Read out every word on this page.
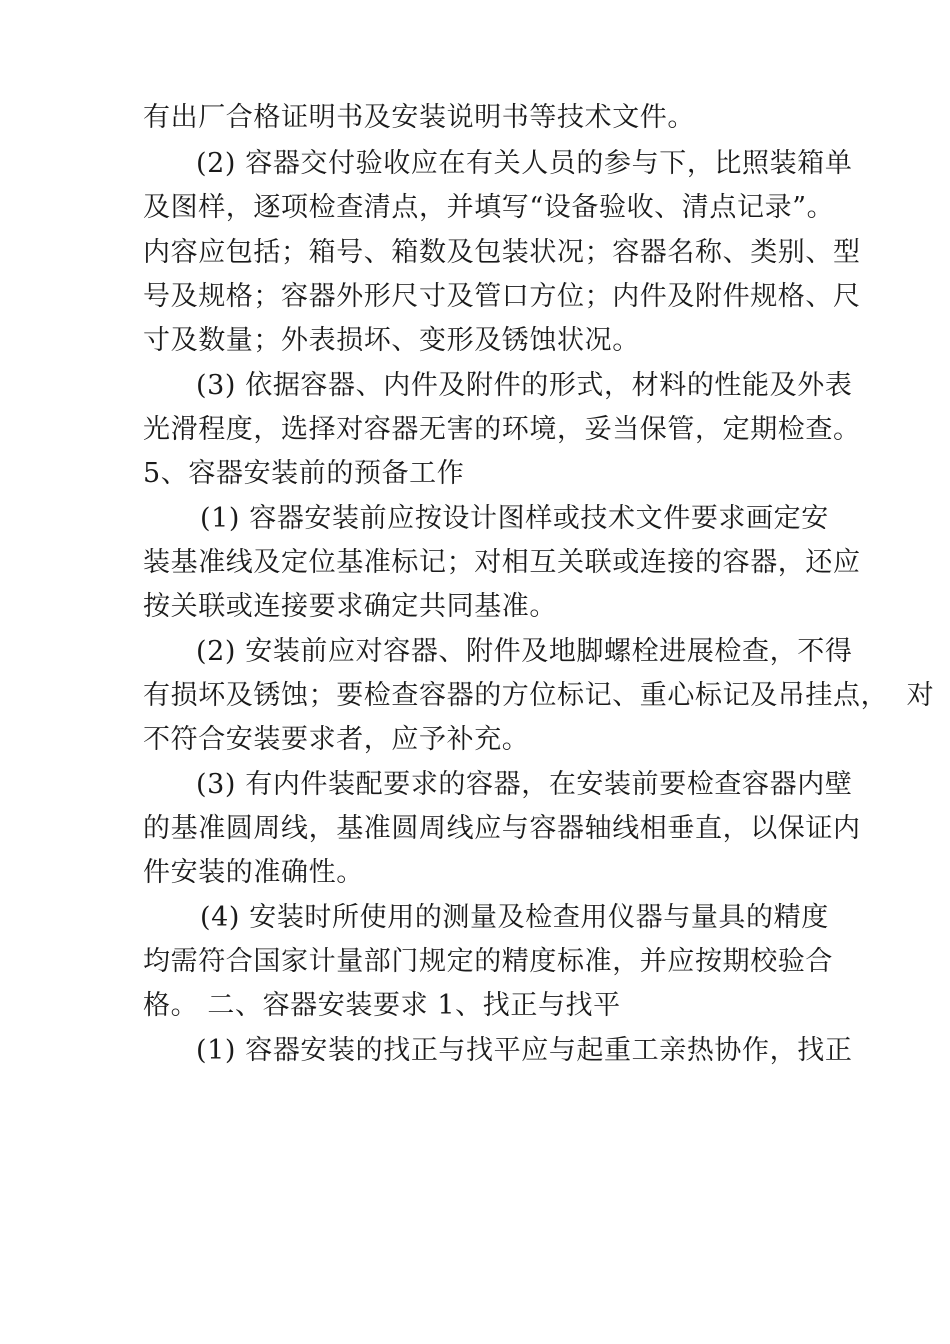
有出厂合格证明书及安装说明书等技术文件。
(2) 容器交付验收应在有关人员的参与下，比照装箱单
及图样，逐项检查清点，并填写“设备验收、清点记录”。
内容应包括；箱号、箱数及包装状况；容器名称、类别、型
号及规格；容器外形尺寸及管口方位；内件及附件规格、尺
寸及数量；外表损坏、变形及锈蚀状况。
(3) 依据容器、内件及附件的形式，材料的性能及外表
光滑程度，选择对容器无害的环境，妥当保管，定期检查。
5、容器安装前的预备工作
(1) 容器安装前应按设计图样或技术文件要求画定安
装基准线及定位基准标记；对相互关联或连接的容器，还应
按关联或连接要求确定共同基准。
(2) 安装前应对容器、附件及地脚螺栓进展检查，不得
有损坏及锈蚀；要检查容器的方位标记、重心标记及吊挂点，  对
不符合安装要求者，应予补充。
(3) 有内件装配要求的容器，在安装前要检查容器内壁
的基准圆周线，基准圆周线应与容器轴线相垂直，以保证内
件安装的准确性。
(4) 安装时所使用的测量及检查用仪器与量具的精度
均需符合国家计量部门规定的精度标准，并应按期校验合
格。 二、容器安装要求 1、找正与找平
(1) 容器安装的找正与找平应与起重工亲热协作，找正
